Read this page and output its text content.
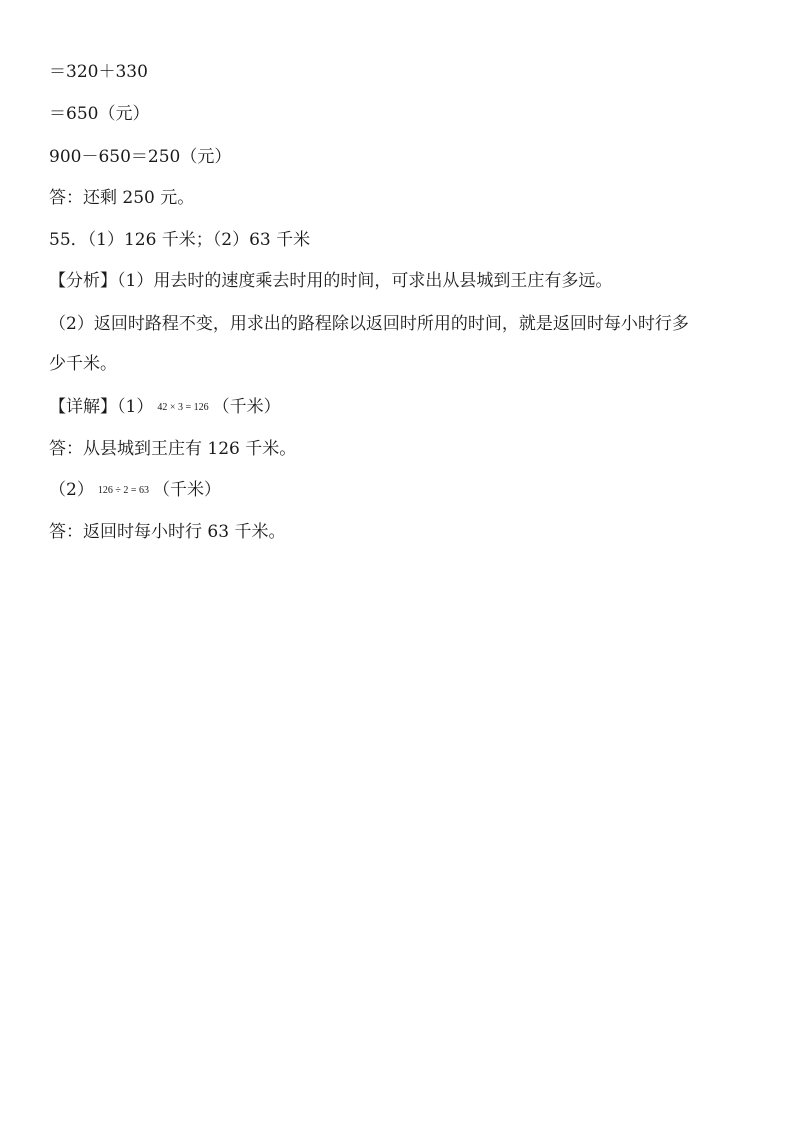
＝320＋330
＝650（元）
900－650＝250（元）
答：还剩 250 元。
55．（1）126 千米；（2）63 千米
【分析】（1）用去时的速度乘去时用的时间，可求出从县城到王庄有多远。
（2）返回时路程不变，用求出的路程除以返回时所用的时间，就是返回时每小时行多
少千米。
【详解】（1） 42 × 3 = 126 （千米）
答：从县城到王庄有 126 千米。
（2） 126 ÷ 2 = 63 （千米）
答：返回时每小时行 63 千米。
